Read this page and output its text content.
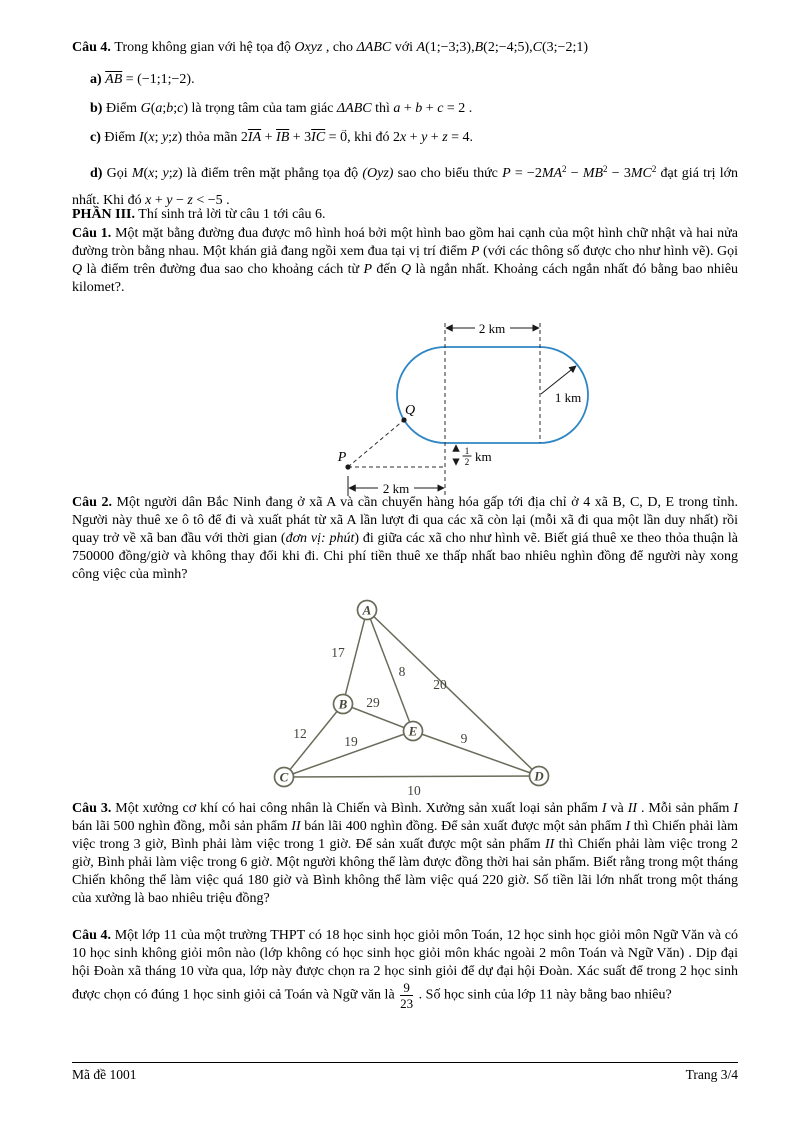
Câu 4. Trong không gian với hệ tọa độ Oxyz , cho ΔABC với A(1;−3;3),B(2;−4;5),C(3;−2;1)
a) $\overline{AB}$ = (−1;1;−2).
b) Điểm G(a;b;c) là trọng tâm của tam giác ΔABC thì a + b + c = 2 .
c) Điểm I(x; y;z) thỏa mãn $2\overline{IA} + \overline{IB} + 3\overline{IC} = 0$ →, khi đó 2x + y + z = 4.
d) Gọi M(x; y;z) là điểm trên mặt phẳng tọa độ (Oyz) sao cho biểu thức $P = -2MA^2 - MB^2 - 3MC^2$ đạt giá trị lớn nhất. Khi đó x + y − z < −5 .
PHẦN III. Thí sinh trả lời từ câu 1 tới câu 6.
Câu 1. Một mặt bằng đường đua được mô hình hoá bởi một hình bao gồm hai cạnh của một hình chữ nhật và hai nửa đường tròn bằng nhau. Một khán giả đang ngồi xem đua tại vị trí điểm P (với các thông số được cho như hình vẽ). Gọi Q là điểm trên đường đua sao cho khoảng cách từ P đến Q là ngắn nhất. Khoảng cách ngắn nhất đó bằng bao nhiêu kilomet?.
2 km
1 km
1
2 km
2 km
Q
P
Câu 2. Một người dân Bắc Ninh đang ở xã A và cần chuyển hàng hóa gấp tới địa chỉ ở 4 xã B, C, D, E trong tỉnh. Người này thuê xe ô tô để đi và xuất phát từ xã A lần lượt đi qua các xã còn lại (mỗi xã đi qua một lần duy nhất) rồi quay trở về xã ban đầu với thời gian (đơn vị: phút) đi giữa các xã cho như hình vẽ. Biết giá thuê xe theo thỏa thuận là 750000 đồng/giờ và không thay đổi khi đi. Chi phí tiền thuê xe thấp nhất bao nhiêu nghìn đồng để người này xong công việc của mình?
17
8
20
29
12
19	9
10
A
B
E
C	D
Câu 3. Một xưởng cơ khí có hai công nhân là Chiến và Bình. Xưởng sản xuất loại sản phẩm I và II . Mỗi sản phẩm I bán lãi 500 nghìn đồng, mỗi sản phẩm II bán lãi 400 nghìn đồng. Để sản xuất được một sản phẩm I thì Chiến phải làm việc trong 3 giờ, Bình phải làm việc trong 1 giờ. Để sản xuất được một sản phẩm II thì Chiến phải làm việc trong 2 giờ, Bình phải làm việc trong 6 giờ. Một người không thể làm được đồng thời hai sản phẩm. Biết rằng trong một tháng Chiến không thể làm việc quá 180 giờ và Bình không thể làm việc quá 220 giờ. Số tiền lãi lớn nhất trong một tháng của xưởng là bao nhiêu triệu đồng?
Câu 4. Một lớp 11 của một trường THPT có 18 học sinh học giỏi môn Toán, 12 học sinh học giỏi môn Ngữ Văn và có 10 học sinh không giỏi môn nào (lớp không có học sinh học giỏi môn khác ngoài 2 môn Toán và Ngữ Văn) . Dịp đại hội Đoàn xã tháng 10 vừa qua, lớp này được chọn ra 2 học sinh giỏi để dự đại hội Đoàn. Xác suất để trong 2 học sinh được chọn có đúng 1 học sinh giỏi cả Toán và Ngữ văn là $\frac{9}{23}$ . Số học sinh của lớp 11 này bằng bao nhiêu?
Mã đề 1001	Trang 3/4
